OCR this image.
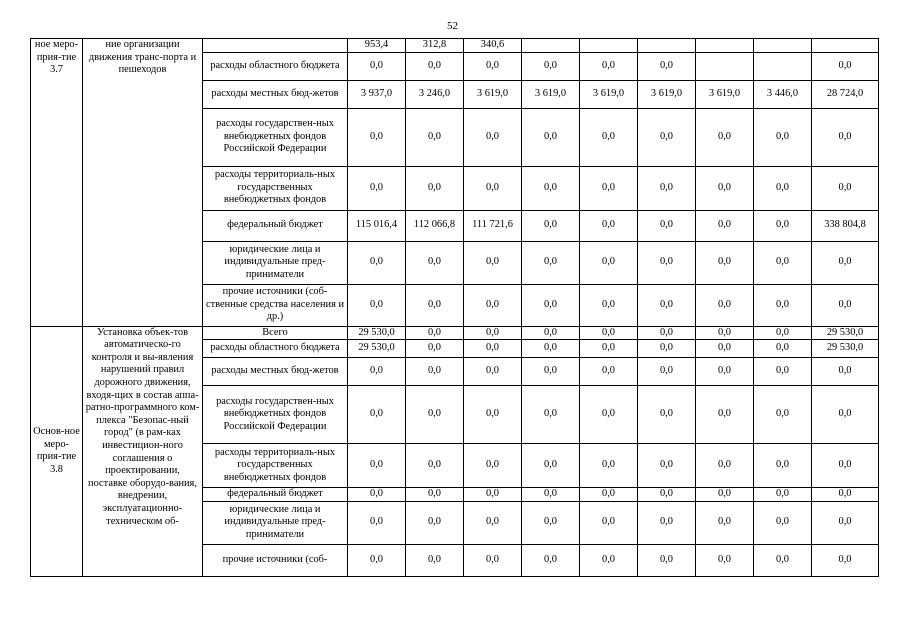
52
ное меро-прия-тие 3.7	ние организации движения транс-порта и пешеходов		953,4	312,8	340,6						
		расходы областного бюджета	0,0	0,0	0,0	0,0	0,0	0,0			0,0
		расходы местных бюд-жетов	3 937,0	3 246,0	3 619,0	3 619,0	3 619,0	3 619,0	3 619,0	3 446,0	28 724,0
		расходы государствен-ных внебюджетных фондов Российской Федерации	0,0	0,0	0,0	0,0	0,0	0,0	0,0	0,0	0,0
		расходы территориаль-ных государственных внебюджетных фондов	0,0	0,0	0,0	0,0	0,0	0,0	0,0	0,0	0,0
		федеральный бюджет	115 016,4	112 066,8	111 721,6	0,0	0,0	0,0	0,0	0,0	338 804,8
		юридические лица и индивидуальные пред-приниматели	0,0	0,0	0,0	0,0	0,0	0,0	0,0	0,0	0,0
		прочие источники (соб-ственные средства населения и др.)	0,0	0,0	0,0	0,0	0,0	0,0	0,0	0,0	0,0
Основ-ное меро-прия-тие 3.8	Установка объек-тов автоматическо-го контроля и вы-явления нарушений правил дорожного движения, входя-щих в состав аппа-ратно-программного ком-плекса "Безопас-ный город" (в рам-ках инвестицион-ного соглашения о проектировании, поставке оборудо-вания, внедрении, эксплуатационно-техническом об-	Всего	29 530,0	0,0	0,0	0,0	0,0	0,0	0,0	0,0	29 530,0
		расходы областного бюджета	29 530,0	0,0	0,0	0,0	0,0	0,0	0,0	0,0	29 530,0
		расходы местных бюд-жетов	0,0	0,0	0,0	0,0	0,0	0,0	0,0	0,0	0,0
		расходы государствен-ных внебюджетных фондов Российской Федерации	0,0	0,0	0,0	0,0	0,0	0,0	0,0	0,0	0,0
		расходы территориаль-ных государственных внебюджетных фондов	0,0	0,0	0,0	0,0	0,0	0,0	0,0	0,0	0,0
		федеральный бюджет	0,0	0,0	0,0	0,0	0,0	0,0	0,0	0,0	0,0
		юридические лица и индивидуальные пред-приниматели	0,0	0,0	0,0	0,0	0,0	0,0	0,0	0,0	0,0
		прочие источники (соб-	0,0	0,0	0,0	0,0	0,0	0,0	0,0	0,0	0,0
